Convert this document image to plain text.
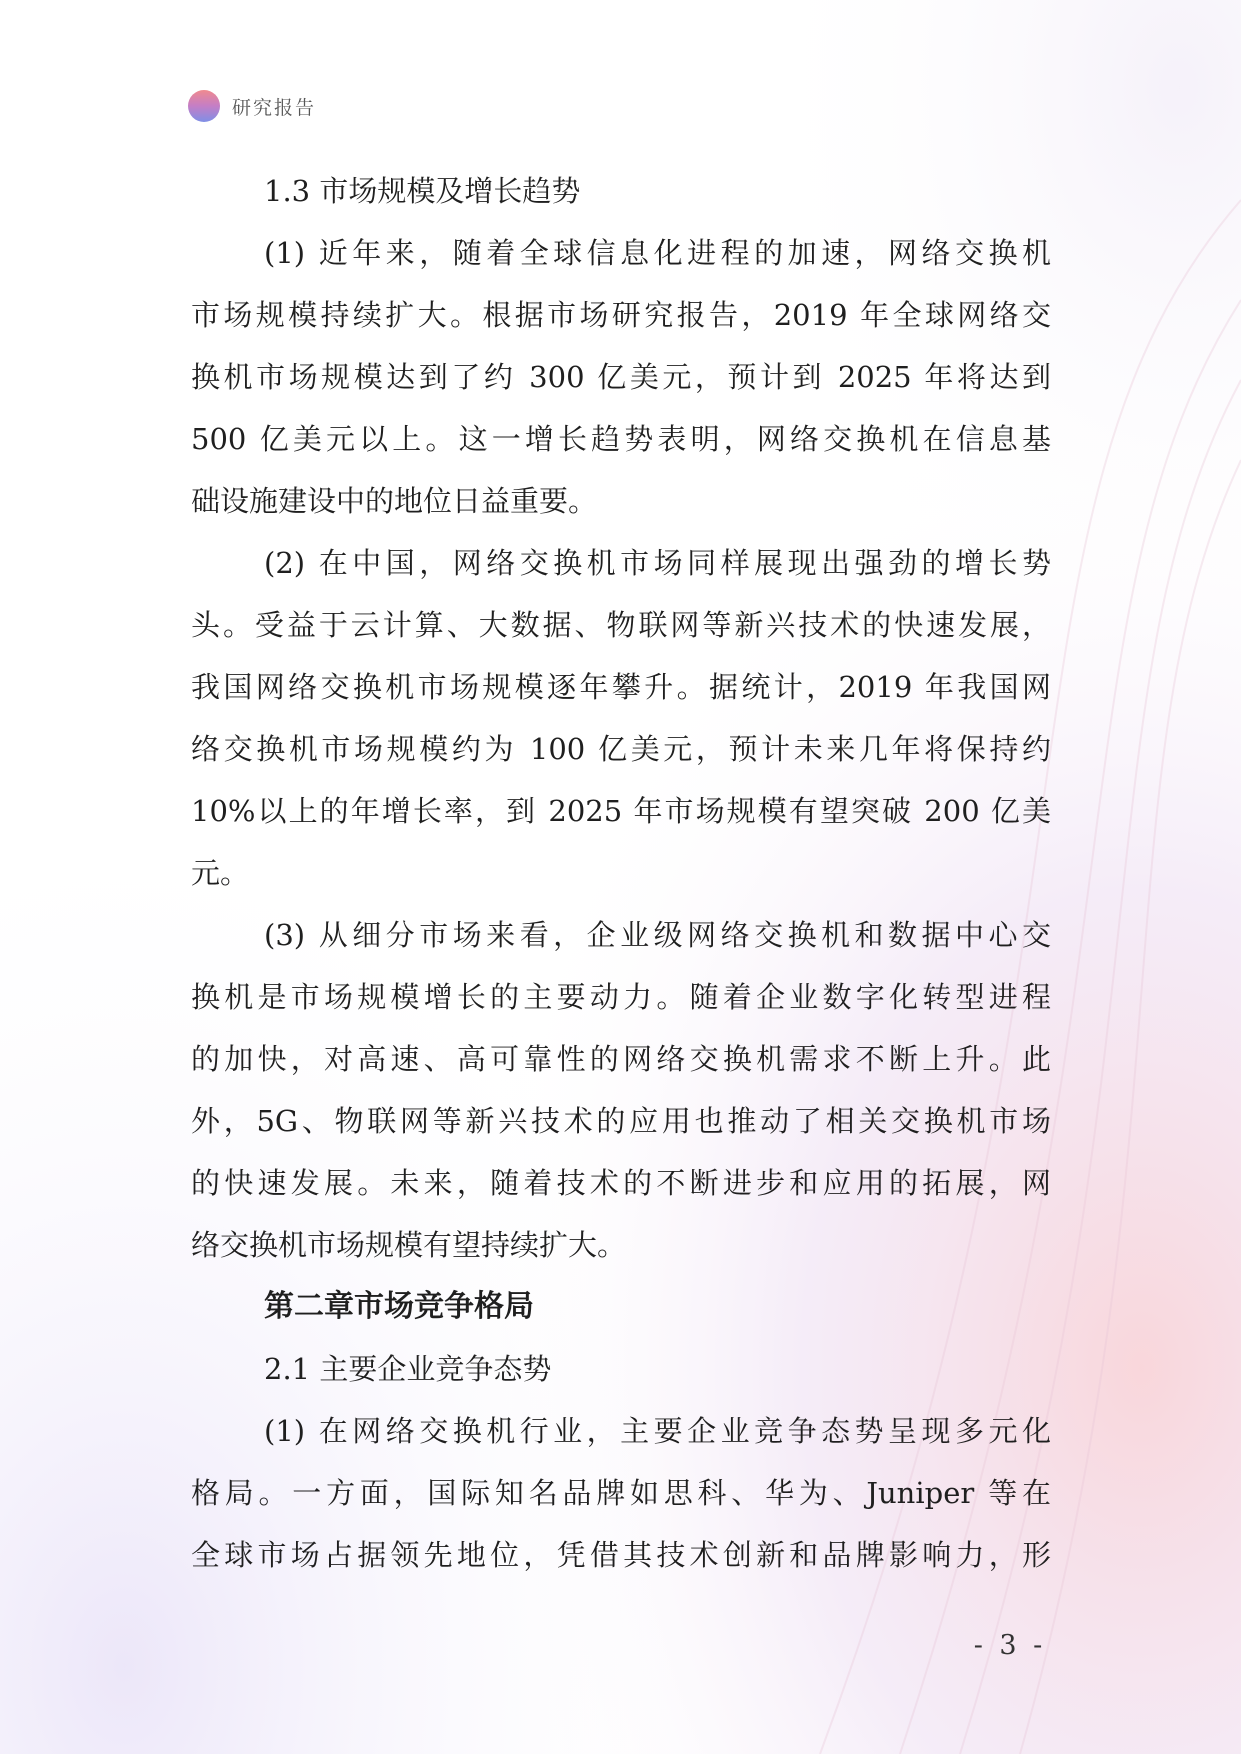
研究报告
1.3 市场规模及增长趋势
(1) 近年来，随着全球信息化进程的加速，网络交换机
市场规模持续扩大。根据市场研究报告，2019 年全球网络交
换机市场规模达到了约 300 亿美元，预计到 2025 年将达到
500 亿美元以上。这一增长趋势表明，网络交换机在信息基
础设施建设中的地位日益重要。
(2) 在中国，网络交换机市场同样展现出强劲的增长势
头。受益于云计算、大数据、物联网等新兴技术的快速发展，
我国网络交换机市场规模逐年攀升。据统计，2019 年我国网
络交换机市场规模约为 100 亿美元，预计未来几年将保持约
10%以上的年增长率，到 2025 年市场规模有望突破 200 亿美
元。
(3) 从细分市场来看，企业级网络交换机和数据中心交
换机是市场规模增长的主要动力。随着企业数字化转型进程
的加快，对高速、高可靠性的网络交换机需求不断上升。此
外，5G、物联网等新兴技术的应用也推动了相关交换机市场
的快速发展。未来，随着技术的不断进步和应用的拓展，网
络交换机市场规模有望持续扩大。
第二章市场竞争格局
2.1 主要企业竞争态势
(1) 在网络交换机行业，主要企业竞争态势呈现多元化
格局。一方面，国际知名品牌如思科、华为、Juniper 等在
全球市场占据领先地位，凭借其技术创新和品牌影响力，形
- 3 -
